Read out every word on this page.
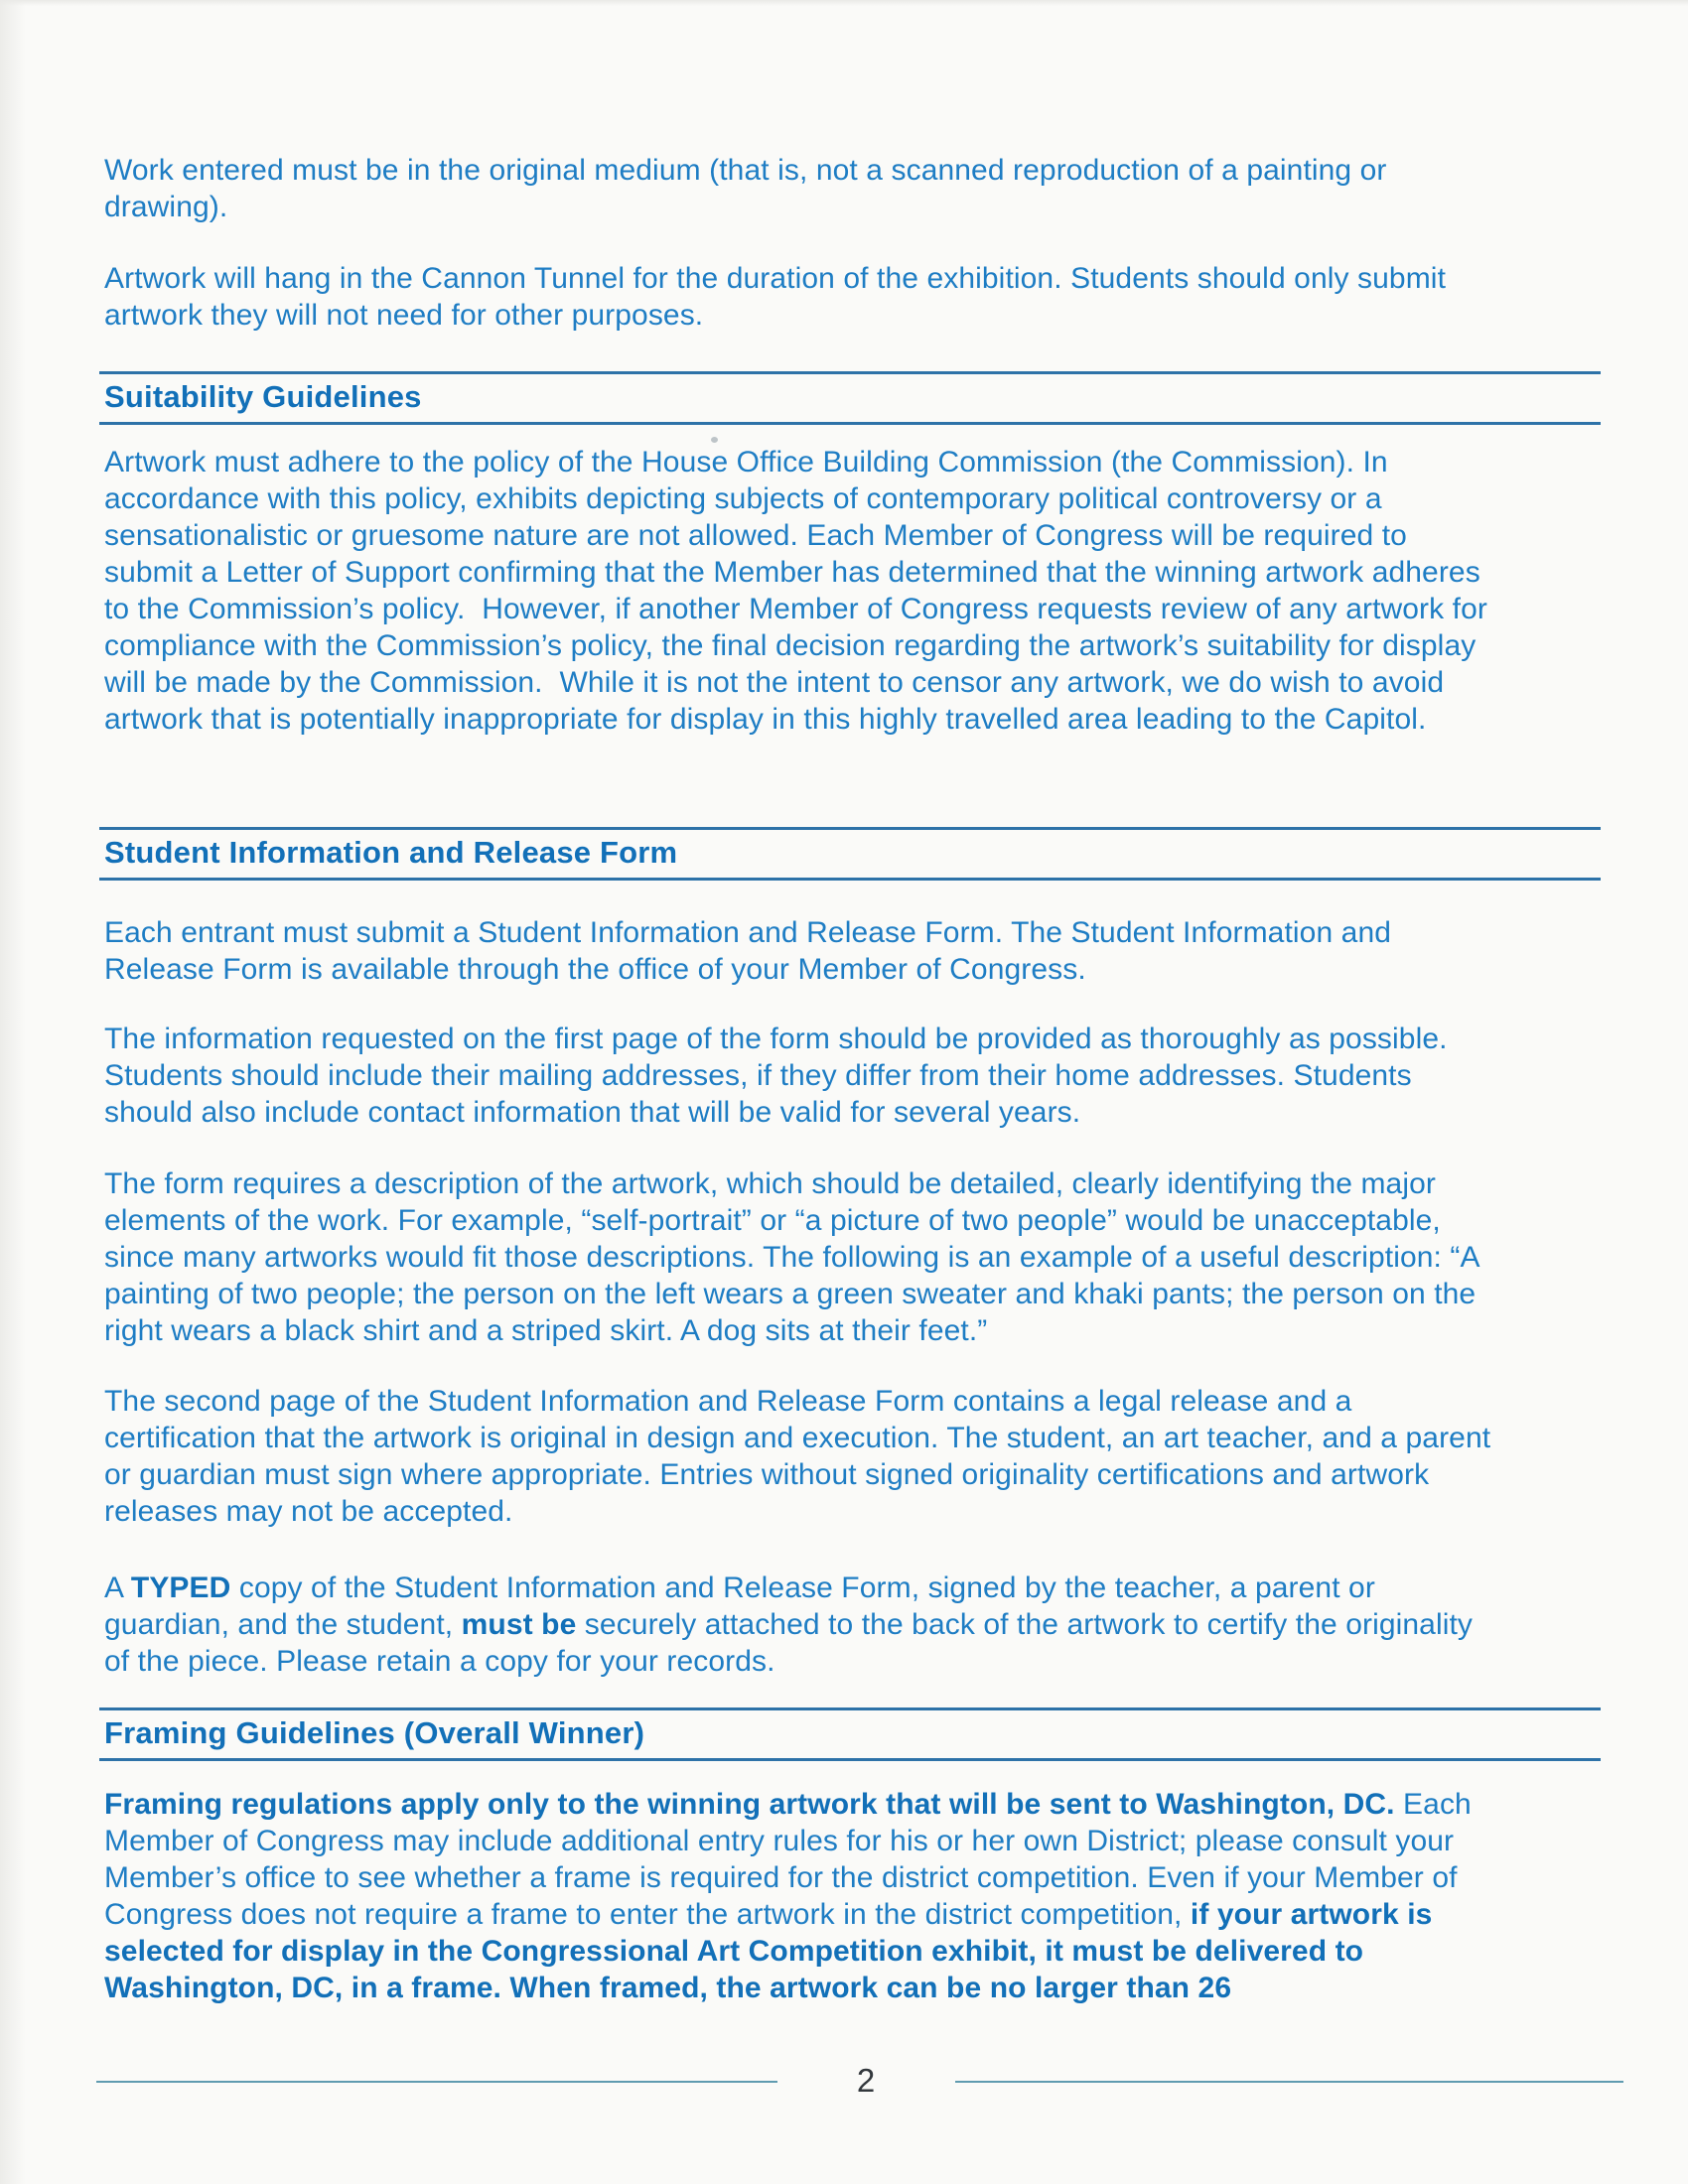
Work entered must be in the original medium (that is, not a scanned reproduction of a painting or drawing).

Artwork will hang in the Cannon Tunnel for the duration of the exhibition. Students should only submit artwork they will not need for other purposes.

Suitability Guidelines

Artwork must adhere to the policy of the House Office Building Commission (the Commission). In accordance with this policy, exhibits depicting subjects of contemporary political controversy or a sensationalistic or gruesome nature are not allowed. Each Member of Congress will be required to submit a Letter of Support confirming that the Member has determined that the winning artwork adheres to the Commission’s policy.  However, if another Member of Congress requests review of any artwork for compliance with the Commission’s policy, the final decision regarding the artwork’s suitability for display will be made by the Commission.  While it is not the intent to censor any artwork, we do wish to avoid artwork that is potentially inappropriate for display in this highly travelled area leading to the Capitol.

Student Information and Release Form

Each entrant must submit a Student Information and Release Form. The Student Information and Release Form is available through the office of your Member of Congress.

The information requested on the first page of the form should be provided as thoroughly as possible. Students should include their mailing addresses, if they differ from their home addresses. Students should also include contact information that will be valid for several years.

The form requires a description of the artwork, which should be detailed, clearly identifying the major elements of the work. For example, “self-portrait” or “a picture of two people” would be unacceptable, since many artworks would fit those descriptions. The following is an example of a useful description: “A painting of two people; the person on the left wears a green sweater and khaki pants; the person on the right wears a black shirt and a striped skirt. A dog sits at their feet.”

The second page of the Student Information and Release Form contains a legal release and a certification that the artwork is original in design and execution. The student, an art teacher, and a parent or guardian must sign where appropriate. Entries without signed originality certifications and artwork releases may not be accepted.

A TYPED copy of the Student Information and Release Form, signed by the teacher, a parent or guardian, and the student, must be securely attached to the back of the artwork to certify the originality of the piece. Please retain a copy for your records.

Framing Guidelines (Overall Winner)

Framing regulations apply only to the winning artwork that will be sent to Washington, DC. Each Member of Congress may include additional entry rules for his or her own District; please consult your Member’s office to see whether a frame is required for the district competition. Even if your Member of Congress does not require a frame to enter the artwork in the district competition, if your artwork is selected for display in the Congressional Art Competition exhibit, it must be delivered to Washington, DC, in a frame. When framed, the artwork can be no larger than 26

2
